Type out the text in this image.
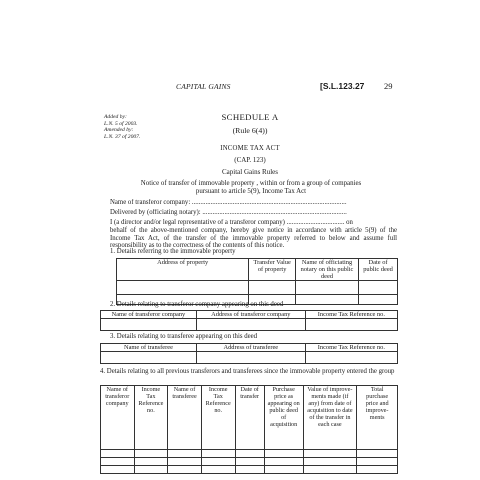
CAPITAL GAINS	[S.L.123.27 29
Added by:
L.N. 5 of 2003.
Amended by:
L.N. 37 of 2007.
SCHEDULE A
(Rule 6(4))
INCOME TAX ACT
(CAP. 123)
Capital Gains Rules
Notice of transfer of immovable property , within or from a group of companies pursuant to article 5(9), Income Tax Act
Name of transferor company: ...........................................................................................
Delivered by (officiating notary): .....................................................................................
I (a director and/or legal representative of a transferor company) .................................. on
behalf of the above-mentioned company, hereby give notice in accordance with article 5(9) of the Income Tax Act, of the transfer of the immovable property referred to below and assume full responsibility as to the correctness of the contents of this notice.
1. Details referring to the immovable property
Address of property	Transfer Value of property	Name of officiating notary on this public deed	Date of public deed

2. Details relating to transferor company appearing on this deed
Name of transferor company	Address of transferor company	Income Tax Reference no.

3. Details relating to transferee appearing on this deed
Name of transferee	Address of transferee	Income Tax Reference no.

4. Details relating to all previous transferors and transferees since the immovable property entered the group
Name of transferor company	Income Tax Reference no.	Name of transferee	Income Tax Reference no.	Date of transfer	Purchase price as appearing on public deed of acquisition	Value of improve-ments made (if any) from date of acquisition to date of the transfer in each case	Total purchase price and improve-ments
